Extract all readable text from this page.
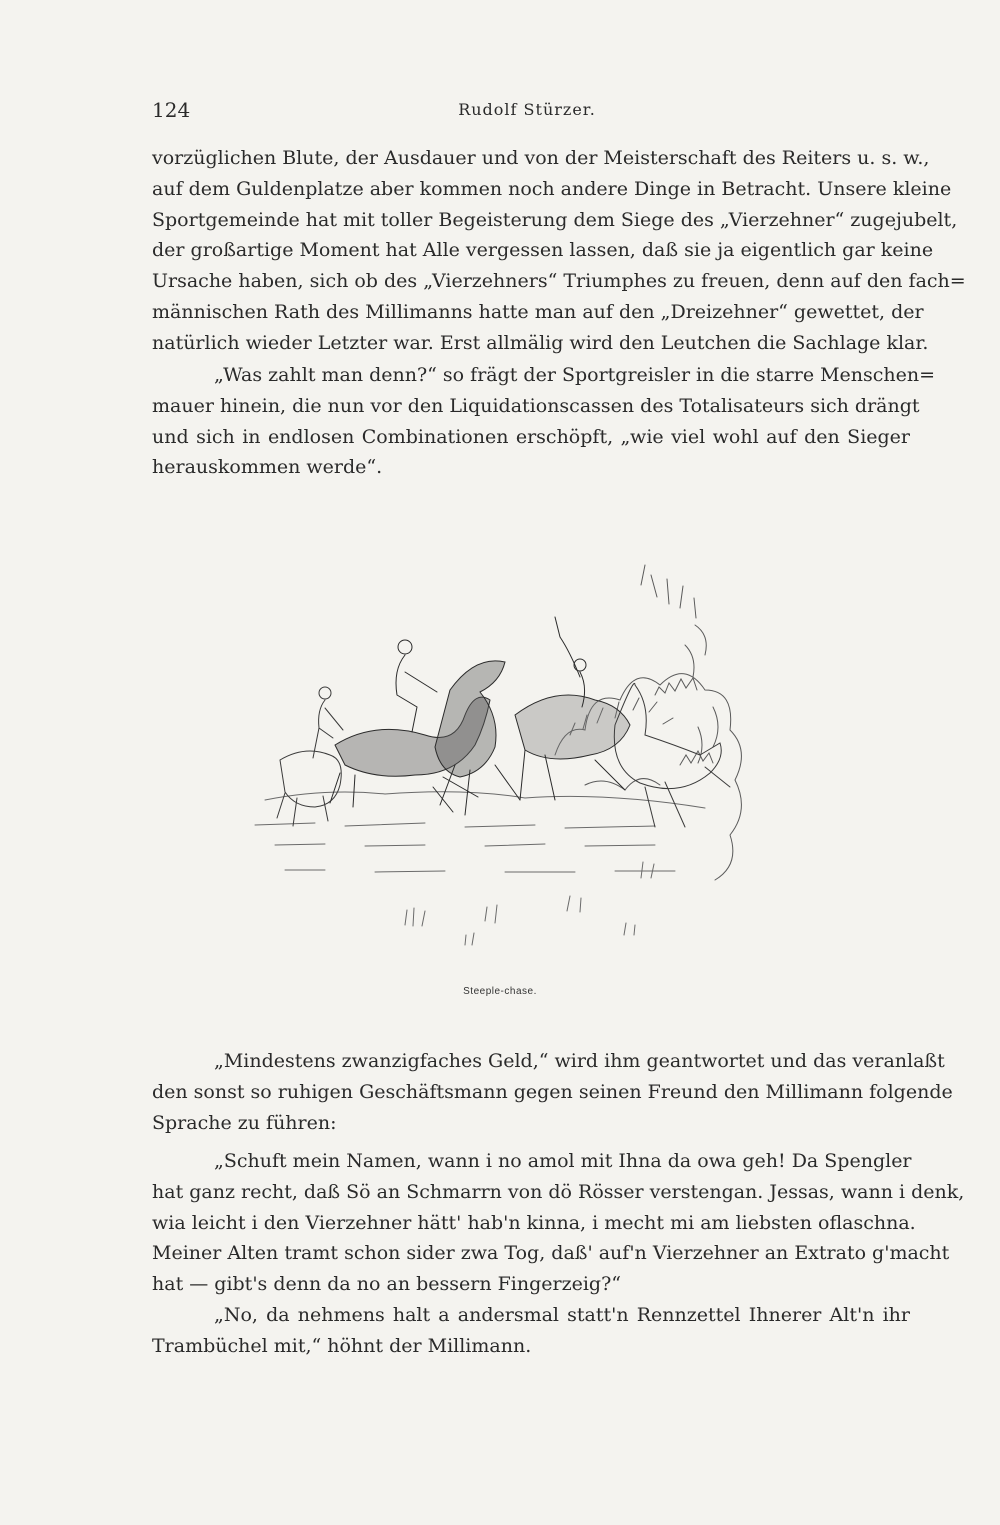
124	Rudolf Stürzer.
vorzüglichen Blute, der Ausdauer und von der Meisterschaft des Reiters u. s. w.,
auf dem Guldenplatze aber kommen noch andere Dinge in Betracht. Unsere kleine
Sportgemeinde hat mit toller Begeisterung dem Siege des „Vierzehner“ zugejubelt,
der großartige Moment hat Alle vergessen lassen, daß sie ja eigentlich gar keine
Ursache haben, sich ob des „Vierzehners“ Triumphes zu freuen, denn auf den fach=
männischen Rath des Millimanns hatte man auf den „Dreizehner“ gewettet, der
natürlich wieder Letzter war. Erst allmälig wird den Leutchen die Sachlage klar.
„Was zahlt man denn?“ so frägt der Sportgreisler in die starre Menschen=
mauer hinein, die nun vor den Liquidationscassen des Totalisateurs sich drängt
und sich in endlosen Combinationen erschöpft, „wie viel wohl auf den Sieger
herauskommen werde“.
Steeple-chase.
„Mindestens zwanzigfaches Geld,“ wird ihm geantwortet und das veranlaßt
den sonst so ruhigen Geschäftsmann gegen seinen Freund den Millimann folgende
Sprache zu führen:
„Schuft mein Namen, wann i no amol mit Ihna da owa geh! Da Spengler
hat ganz recht, daß Sö an Schmarrn von dö Rösser verstengan. Jessas, wann i denk,
wia leicht i den Vierzehner hätt' hab'n kinna, i mecht mi am liebsten oflaschna.
Meiner Alten tramt schon sider zwa Tog, daß' auf'n Vierzehner an Extrato g'macht
hat — gibt's denn da no an bessern Fingerzeig?“
„No, da nehmens halt a andersmal statt'n Rennzettel Ihnerer Alt'n ihr
Trambüchel mit,“ höhnt der Millimann.
